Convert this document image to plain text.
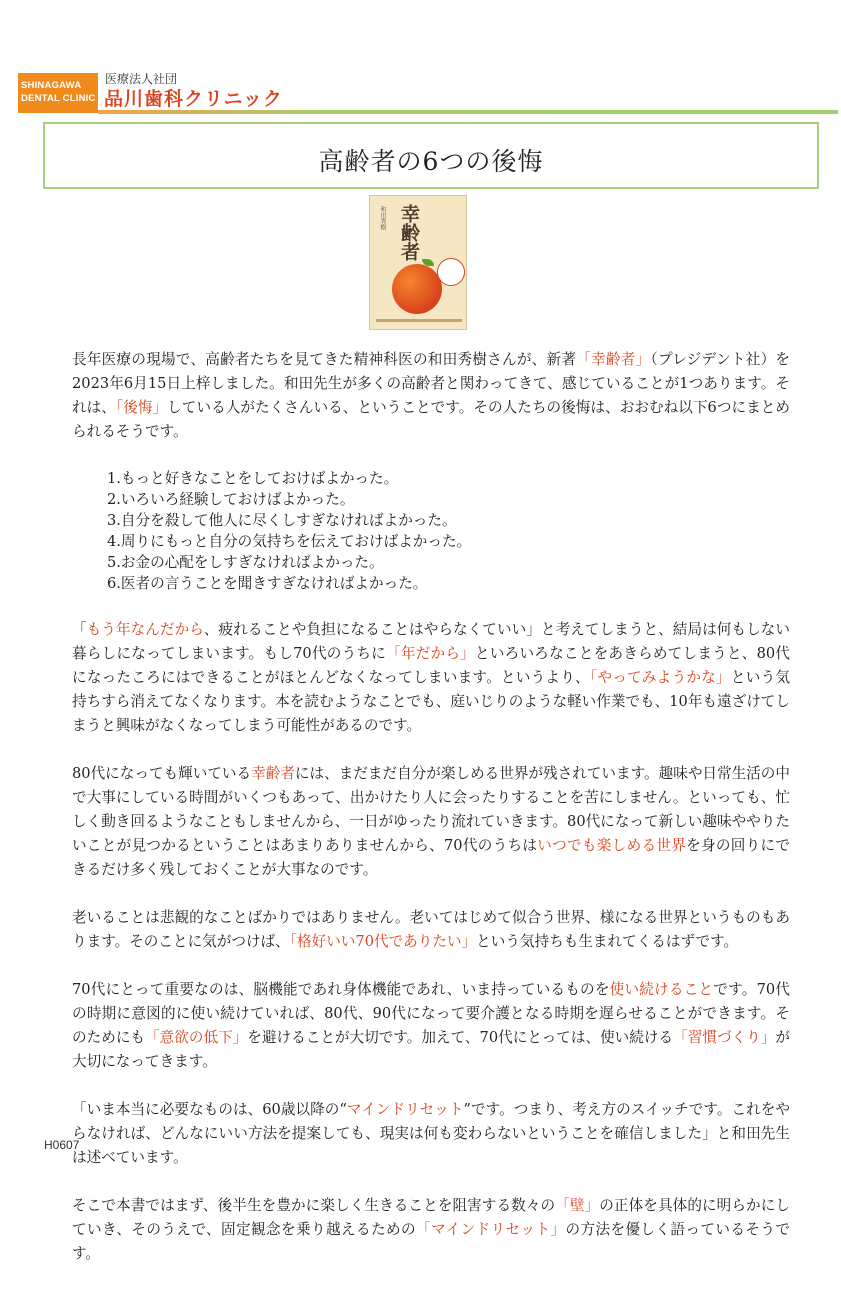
SHINAGAWA
DENTAL CLINIC
医療法人社団
品川歯科クリニック
高齢者の6つの後悔
和田秀樹 幸齢者

長年医療の現場で、高齢者たちを見てきた精神科医の和田秀樹さんが、新著「幸齢者」（プレジデント社）を2023年6月15日上梓しました。和田先生が多くの高齢者と関わってきて、感じていることが1つあります。それは、「後悔」している人がたくさんいる、ということです。その人たちの後悔は、おおむね以下6つにまとめられるそうです。

1.もっと好きなことをしておけばよかった。
2.いろいろ経験しておけばよかった。
3.自分を殺して他人に尽くしすぎなければよかった。
4.周りにもっと自分の気持ちを伝えておけばよかった。
5.お金の心配をしすぎなければよかった。
6.医者の言うことを聞きすぎなければよかった。

「もう年なんだから、疲れることや負担になることはやらなくていい」と考えてしまうと、結局は何もしない暮らしになってしまいます。もし70代のうちに「年だから」といろいろなことをあきらめてしまうと、80代になったころにはできることがほとんどなくなってしまいます。というより、「やってみようかな」という気持ちすら消えてなくなります。本を読むようなことでも、庭いじりのような軽い作業でも、10年も遠ざけてしまうと興味がなくなってしまう可能性があるのです。

80代になっても輝いている幸齢者には、まだまだ自分が楽しめる世界が残されています。趣味や日常生活の中で大事にしている時間がいくつもあって、出かけたり人に会ったりすることを苦にしません。といっても、忙しく動き回るようなこともしませんから、一日がゆったり流れていきます。80代になって新しい趣味ややりたいことが見つかるということはあまりありませんから、70代のうちはいつでも楽しめる世界を身の回りにできるだけ多く残しておくことが大事なのです。

老いることは悲観的なことばかりではありません。老いてはじめて似合う世界、様になる世界というものもあります。そのことに気がつけば、「格好いい70代でありたい」という気持ちも生まれてくるはずです。

70代にとって重要なのは、脳機能であれ身体機能であれ、いま持っているものを使い続けることです。70代の時期に意図的に使い続けていれば、80代、90代になって要介護となる時期を遅らせることができます。そのためにも「意欲の低下」を避けることが大切です。加えて、70代にとっては、使い続ける「習慣づくり」が大切になってきます。

「いま本当に必要なものは、60歳以降の“マインドリセット”です。つまり、考え方のスイッチです。これをやらなければ、どんなにいい方法を提案しても、現実は何も変わらないということを確信しました」と和田先生は述べています。

そこで本書ではまず、後半生を豊かに楽しく生きることを阻害する数々の「壁」の正体を具体的に明らかにしていき、そのうえで、固定観念を乗り越えるための「マインドリセット」の方法を優しく語っているそうです。

H0607
